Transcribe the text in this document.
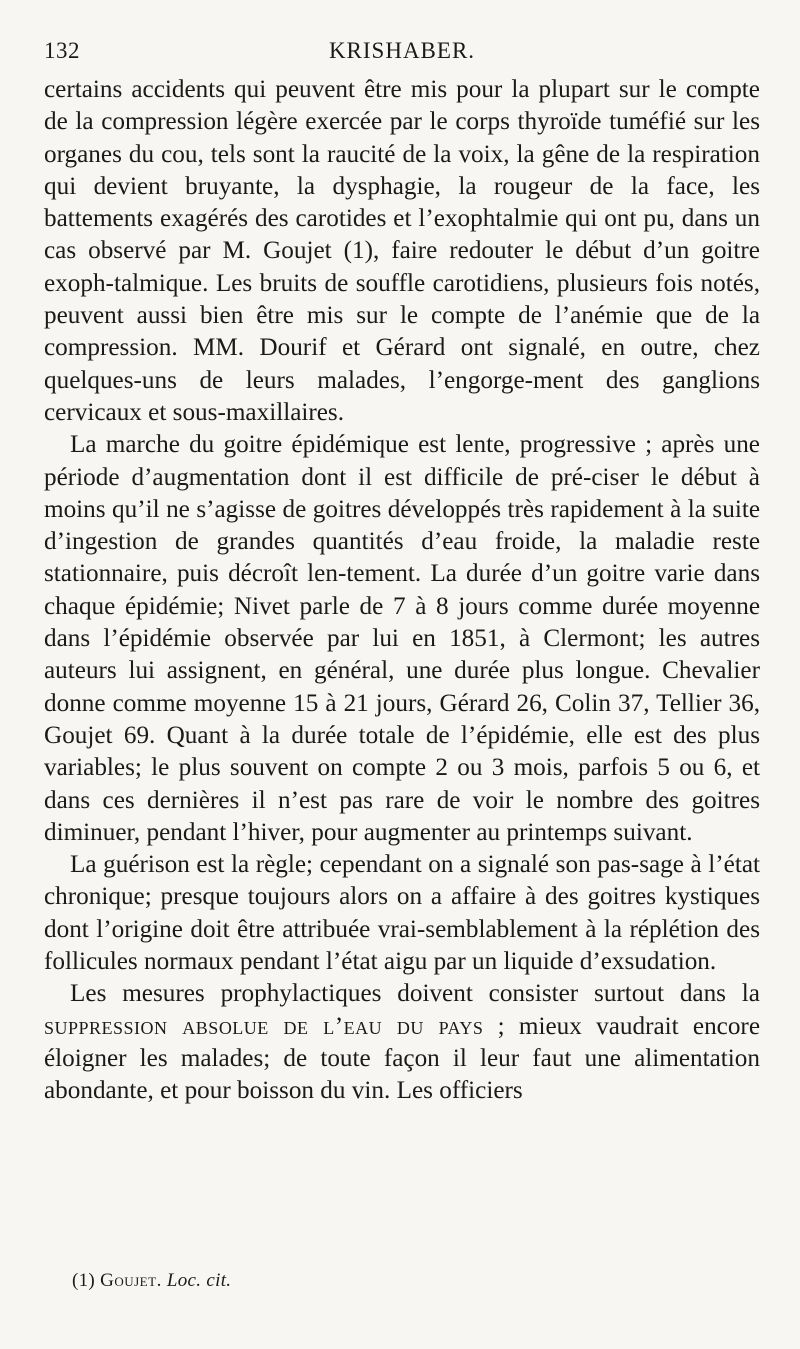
132	KRISHABER.

certains accidents qui peuvent être mis pour la plupart sur le compte de la compression légère exercée par le corps thyroïde tuméfié sur les organes du cou, tels sont la raucité de la voix, la gêne de la respiration qui devient bruyante, la dysphagie, la rougeur de la face, les battements exagérés des carotides et l’exophtalmie qui ont pu, dans un cas observé par M. Goujet (1), faire redouter le début d’un goitre exoph-talmique. Les bruits de souffle carotidiens, plusieurs fois notés, peuvent aussi bien être mis sur le compte de l’anémie que de la compression. MM. Dourif et Gérard ont signalé, en outre, chez quelques-uns de leurs malades, l’engorge-ment des ganglions cervicaux et sous-maxillaires.

La marche du goitre épidémique est lente, progressive ; après une période d’augmentation dont il est difficile de pré-ciser le début à moins qu’il ne s’agisse de goitres développés très rapidement à la suite d’ingestion de grandes quantités d’eau froide, la maladie reste stationnaire, puis décroît len-tement. La durée d’un goitre varie dans chaque épidémie; Nivet parle de 7 à 8 jours comme durée moyenne dans l’épidémie observée par lui en 1851, à Clermont; les autres auteurs lui assignent, en général, une durée plus longue. Chevalier donne comme moyenne 15 à 21 jours, Gérard 26, Colin 37, Tellier 36, Goujet 69. Quant à la durée totale de l’épidémie, elle est des plus variables; le plus souvent on compte 2 ou 3 mois, parfois 5 ou 6, et dans ces dernières il n’est pas rare de voir le nombre des goitres diminuer, pendant l’hiver, pour augmenter au printemps suivant.

La guérison est la règle; cependant on a signalé son pas-sage à l’état chronique; presque toujours alors on a affaire à des goitres kystiques dont l’origine doit être attribuée vrai-semblablement à la réplétion des follicules normaux pendant l’état aigu par un liquide d’exsudation.

Les mesures prophylactiques doivent consister surtout dans la suppression absolue de l’eau du pays ; mieux vaudrait encore éloigner les malades; de toute façon il leur faut une alimentation abondante, et pour boisson du vin. Les officiers

(1) Goujet. Loc. cit.
